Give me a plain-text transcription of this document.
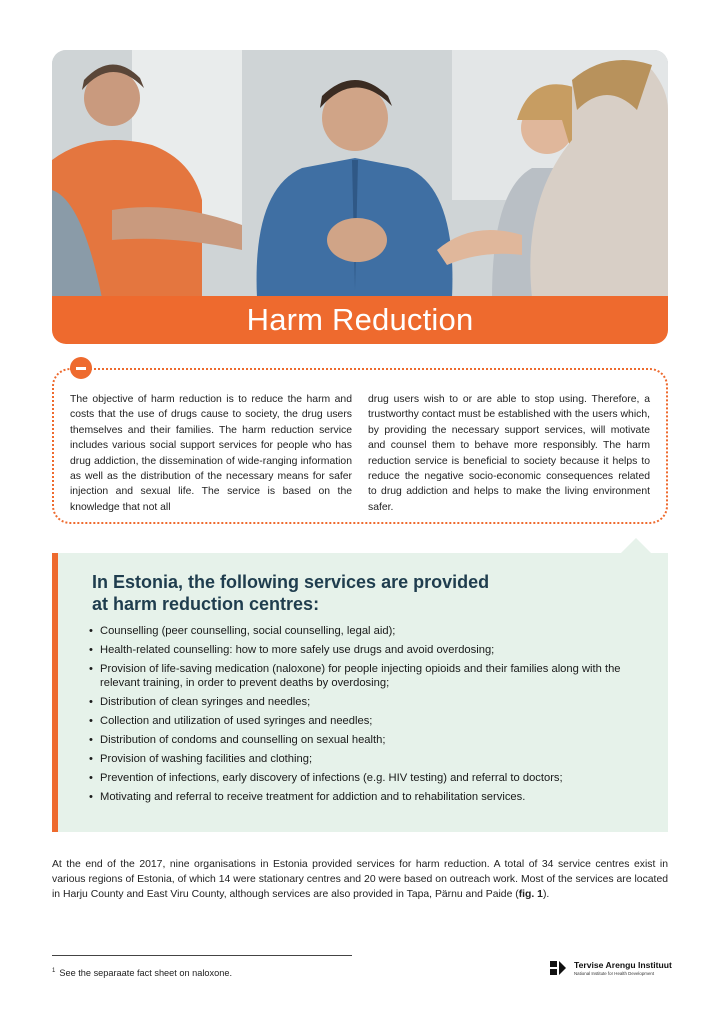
Harm Reduction

The objective of harm reduction is to reduce the harm and costs that the use of drugs cause to society, the drug users themselves and their families. The harm reduction service includes various social support services for people who has drug addiction, the dissemination of wide-ranging information as well as the distribution of the necessary means for safer injection and sexual life. The service is based on the knowledge that not all

drug users wish to or are able to stop using. Therefore, a trustworthy contact must be established with the users which, by providing the necessary support services, will motivate and counsel them to behave more responsibly. The harm reduction service is beneficial to society because it helps to reduce the negative socio-economic consequences related to drug addiction and helps to make the living environment safer.

In Estonia, the following services are provided
at harm reduction centres:
• Counselling (peer counselling, social counselling, legal aid);
• Health-related counselling: how to more safely use drugs and avoid overdosing;
• Provision of life-saving medication (naloxone) for people injecting opioids and their families along with the relevant training, in order to prevent deaths by overdosing;
• Distribution of clean syringes and needles;
• Collection and utilization of used syringes and needles;
• Distribution of condoms and counselling on sexual health;
• Provision of washing facilities and clothing;
• Prevention of infections, early discovery of infections (e.g. HIV testing) and referral to doctors;
• Motivating and referral to receive treatment for addiction and to rehabilitation services.

At the end of the 2017, nine organisations in Estonia provided services for harm reduction. A total of 34 service centres exist in various regions of Estonia, of which 14 were stationary centres and 20 were based on outreach work. Most of the services are located in Harju County and East Viru County, although services are also provided in Tapa, Pärnu and Paide (fig. 1).

$^1$ See the separaate fact sheet on naloxone.

Tervise Arengu Instituut
National Institute for Health Development
